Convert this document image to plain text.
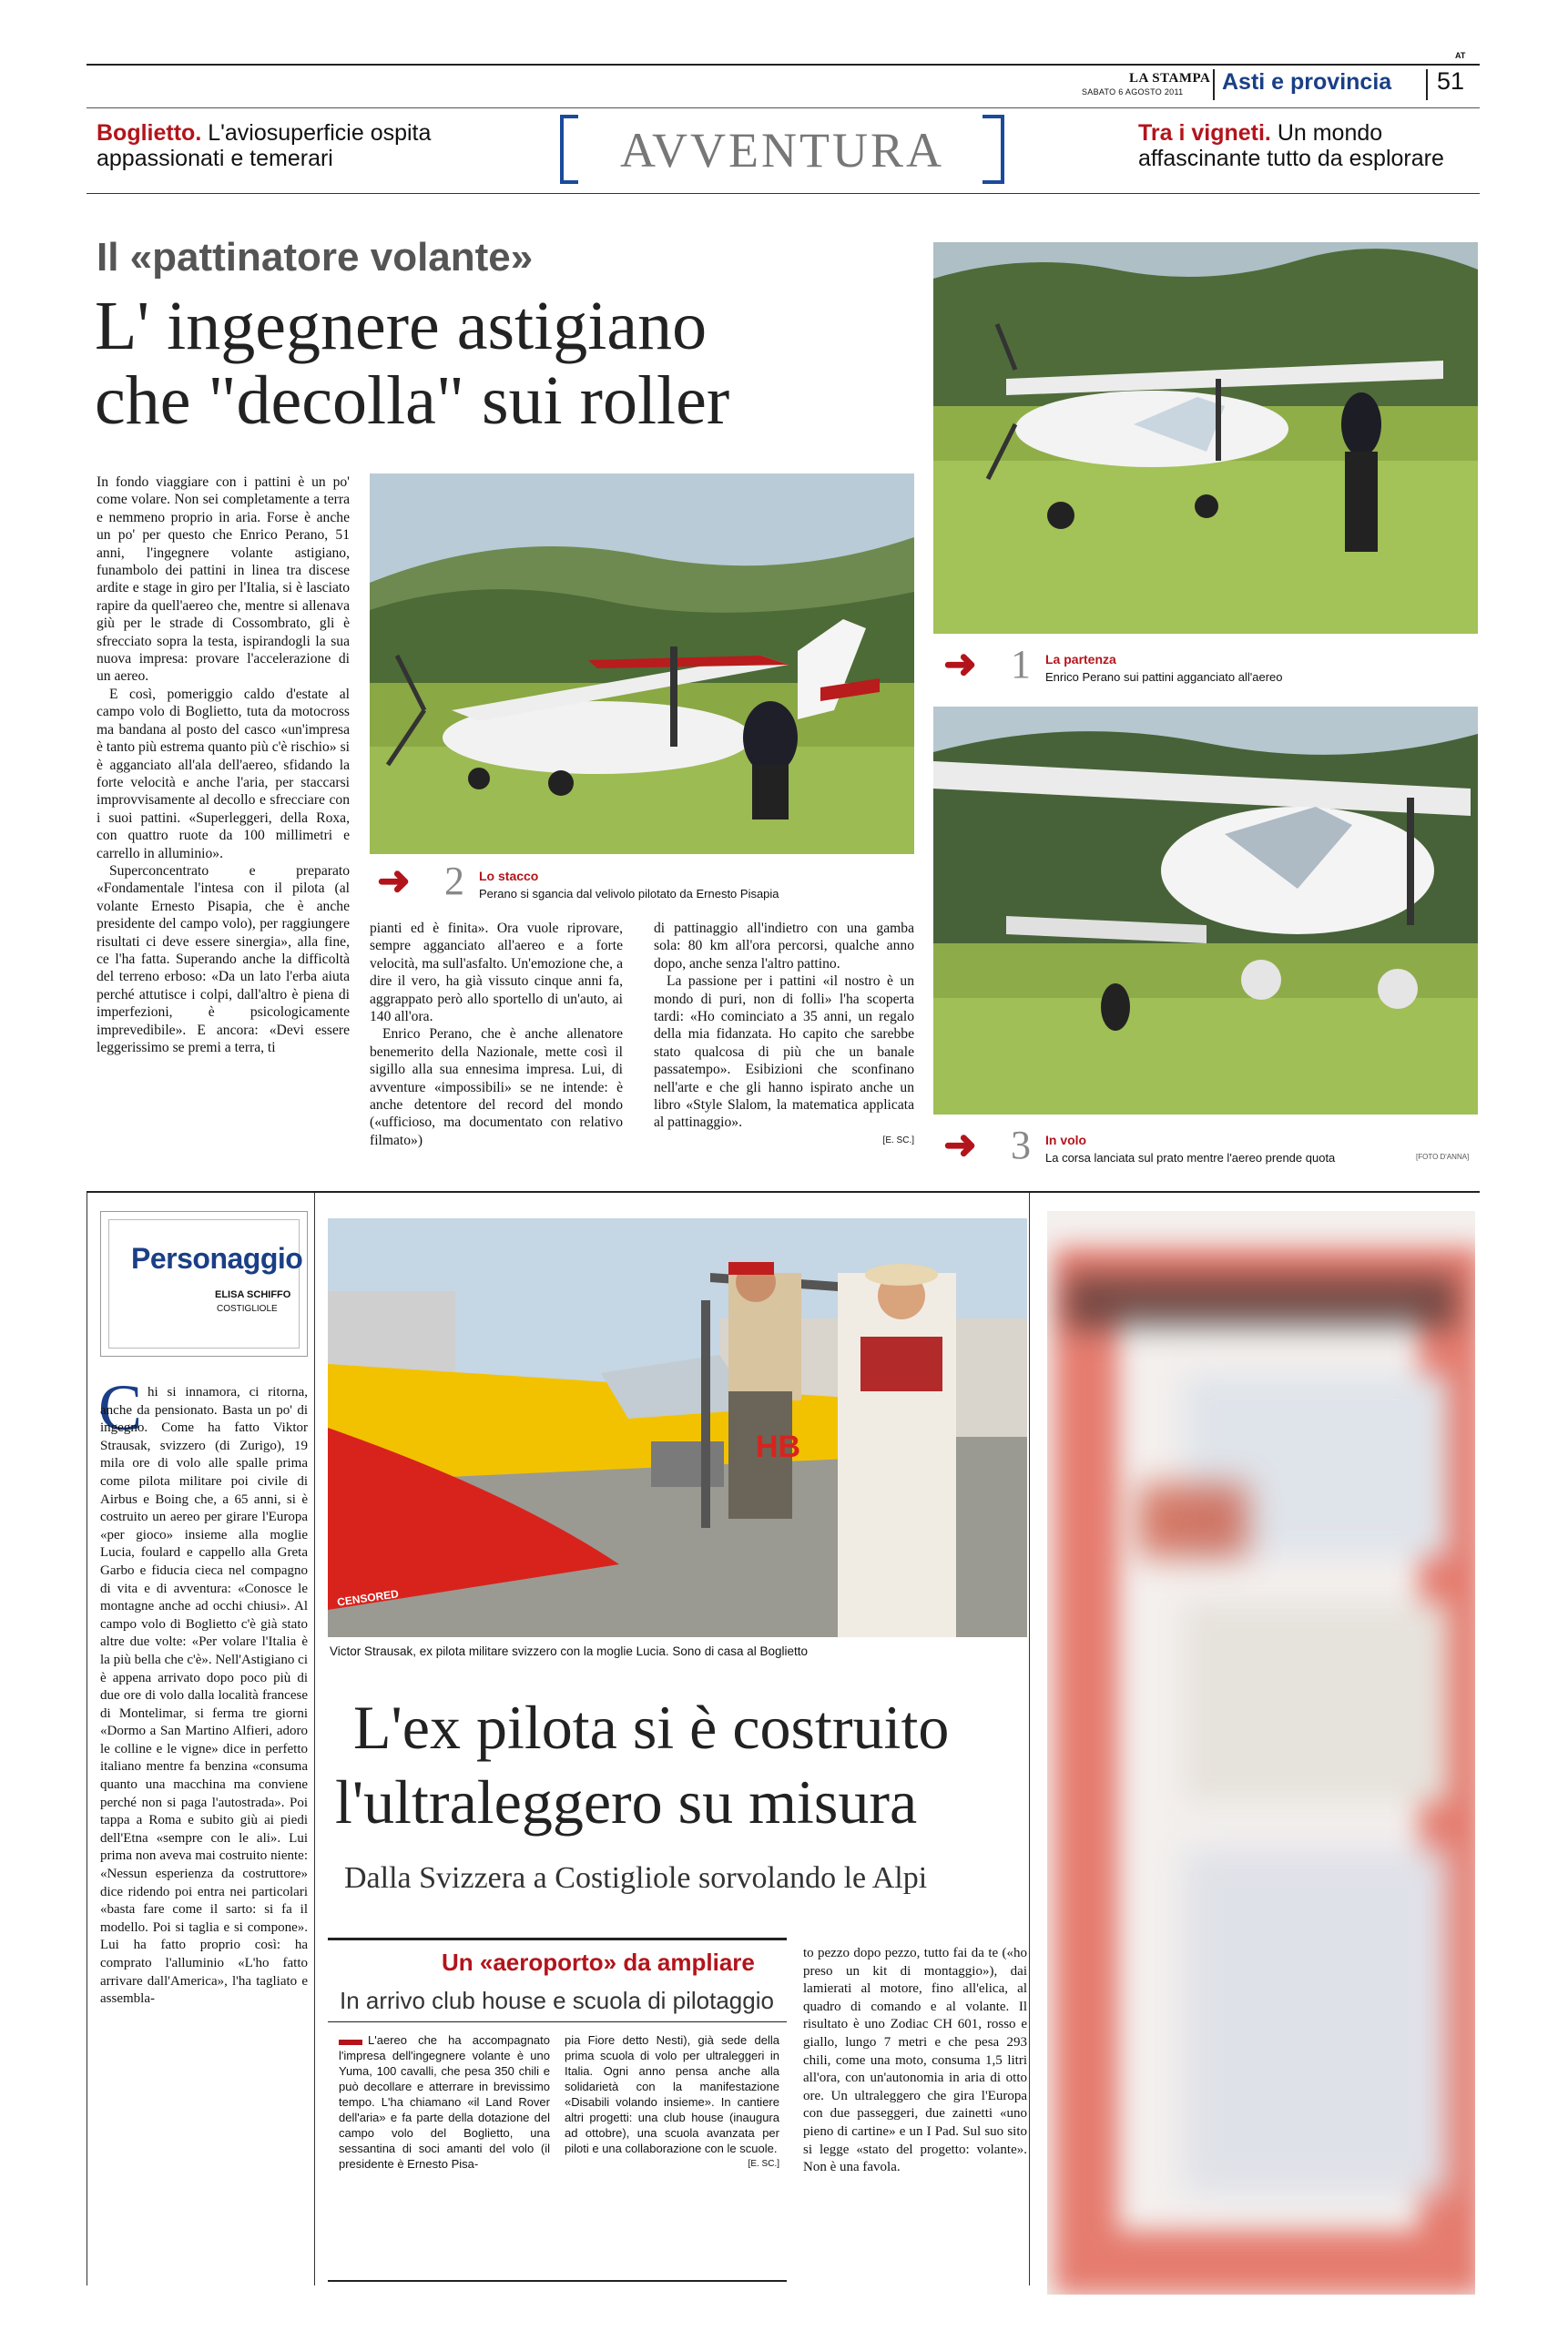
AT
LA STAMPA
SABATO 6 AGOSTO 2011 Asti e provincia 51
Boglietto. L'aviosuperficie ospita appassionati e temerari	AVVENTURA	Tra i vigneti. Un mondo affascinante tutto da esplorare
Il «pattinatore volante»
L' ingegnere astigiano
che "decolla" sui roller
➜ 2 Lo stacco
Perano si sgancia dal velivolo pilotato da Ernesto Pisapia

In fondo viaggiare con i pattini è un po' come volare. Non sei completamente a terra e nemmeno proprio in aria. Forse è anche un po' per questo che Enrico Perano, 51 anni, l'ingegnere volante astigiano, funambolo dei pattini in linea tra discese ardite e stage in giro per l'Italia, si è lasciato rapire da quell'aereo che, mentre si allenava giù per le strade di Cossombrato, gli è sfrecciato sopra la testa, ispirandogli la sua nuova impresa: provare l'accelerazione di un aereo.

E così, pomeriggio caldo d'estate al campo volo di Boglietto, tuta da motocross ma bandana al posto del casco «un'impresa è tanto più estrema quanto più c'è rischio» si è agganciato all'ala dell'aereo, sfidando la forte velocità e anche l'aria, per staccarsi improvvisamente al decollo e sfrecciare con i suoi pattini. «Superleggeri, della Roxa, con quattro ruote da 100 millimetri e carrello in alluminio».

Superconcentrato e preparato «Fondamentale l'intesa con il pilota (al volante Ernesto Pisapia, che è anche presidente del campo volo), per raggiungere risultati ci deve essere sinergia», alla fine, ce l'ha fatta. Superando anche la difficoltà del terreno erboso: «Da un lato l'erba aiuta perché attutisce i colpi, dall'altro è piena di imperfezioni, è psicologicamente imprevedibile». E ancora: «Devi essere leggerissimo se premi a terra, ti

pianti ed è finita». Ora vuole riprovare, sempre agganciato all'aereo e a forte velocità, ma sull'asfalto. Un'emozione che, a dire il vero, ha già vissuto cinque anni fa, aggrappato però allo sportello di un'auto, ai 140 all'ora.

Enrico Perano, che è anche allenatore benemerito della Nazionale, mette così il sigillo alla sua ennesima impresa. Lui, di avventure «impossibili» se ne intende: è anche detentore del record del mondo («ufficioso, ma documentato con relativo filmato»)

di pattinaggio all'indietro con una gamba sola: 80 km all'ora percorsi, qualche anno dopo, anche senza l'altro pattino.

La passione per i pattini «il nostro è un mondo di puri, non di folli» l'ha scoperta tardi: «Ho cominciato a 35 anni, un regalo della mia fidanzata. Ho capito che sarebbe stato qualcosa di più che un banale passatempo». Esibizioni che sconfinano nell'arte e che gli hanno ispirato anche un libro «Style Slalom, la matematica applicata al pattinaggio».

[E. SC.]
➜ 1 La partenza
Enrico Perano sui pattini agganciato all'aereo
➜ 3 In volo
La corsa lanciata sul prato mentre l'aereo prende quota	[FOTO D'ANNA]
Personaggio
ELISA SCHIFFO
COSTIGLIOLE
C hi si innamora, ci ritorna, anche da pensionato. Basta un po' di ingegno. Come ha fatto Viktor Strausak, svizzero (di Zurigo), 19 mila ore di volo alle spalle prima come pilota militare poi civile di Airbus e Boing che, a 65 anni, si è costruito un aereo per girare l'Europa «per gioco» insieme alla moglie Lucia, foulard e cappello alla Greta Garbo e fiducia cieca nel compagno di vita e di avventura: «Conosce le montagne anche ad occhi chiusi». Al campo volo di Boglietto c'è già stato altre due volte: «Per volare l'Italia è la più bella che c'è». Nell'Astigiano ci è appena arrivato dopo poco più di due ore di volo dalla località francese di Montelimar, si ferma tre giorni «Dormo a San Martino Alfieri, adoro le colline e le vigne» dice in perfetto italiano mentre fa benzina «consuma quanto una macchina ma conviene perché non si paga l'autostrada». Poi tappa a Roma e subito giù ai piedi dell'Etna «sempre con le ali». Lui prima non aveva mai costruito niente: «Nessun esperienza da costruttore» dice ridendo poi entra nei particolari «basta fare come il sarto: si fa il modello. Poi si taglia e si compone». Lui ha fatto proprio così: ha comprato l'alluminio «L'ho fatto arrivare dall'America», l'ha tagliato e assembla-
HB
CENSORED
Victor Strausak, ex pilota militare svizzero con la moglie Lucia. Sono di casa al Boglietto
L'ex pilota si è costruito
l'ultraleggero su misura
Dalla Svizzera a Costigliole sorvolando le Alpi
Un «aeroporto» da ampliare
In arrivo club house e scuola di pilotaggio
L'aereo che ha accompagnato l'impresa dell'ingegnere volante è uno Yuma, 100 cavalli, che pesa 350 chili e può decollare e atterrare in brevissimo tempo. L'ha chiamano «il Land Rover dell'aria» e fa parte della dotazione del campo volo del Boglietto, una sessantina di soci amanti del volo (il presidente è Ernesto Pisa-
pia Fiore detto Nesti), già sede della prima scuola di volo per ultraleggeri in Italia. Ogni anno pensa anche alla solidarietà con la manifestazione «Disabili volando insieme». In cantiere altri progetti: una club house (inaugura ad ottobre), una scuola avanzata per piloti e una collaborazione con le scuole.
[E. SC.]
to pezzo dopo pezzo, tutto fai da te («ho preso un kit di montaggio»), dai lamierati al motore, fino all'elica, al quadro di comando e al volante. Il risultato è uno Zodiac CH 601, rosso e giallo, lungo 7 metri e che pesa 293 chili, come una moto, consuma 1,5 litri all'ora, con un'autonomia in aria di otto ore. Un ultraleggero che gira l'Europa con due passeggeri, due zainetti «uno pieno di cartine» e un I Pad. Sul suo sito si legge «stato del progetto: volante». Non è una favola.
